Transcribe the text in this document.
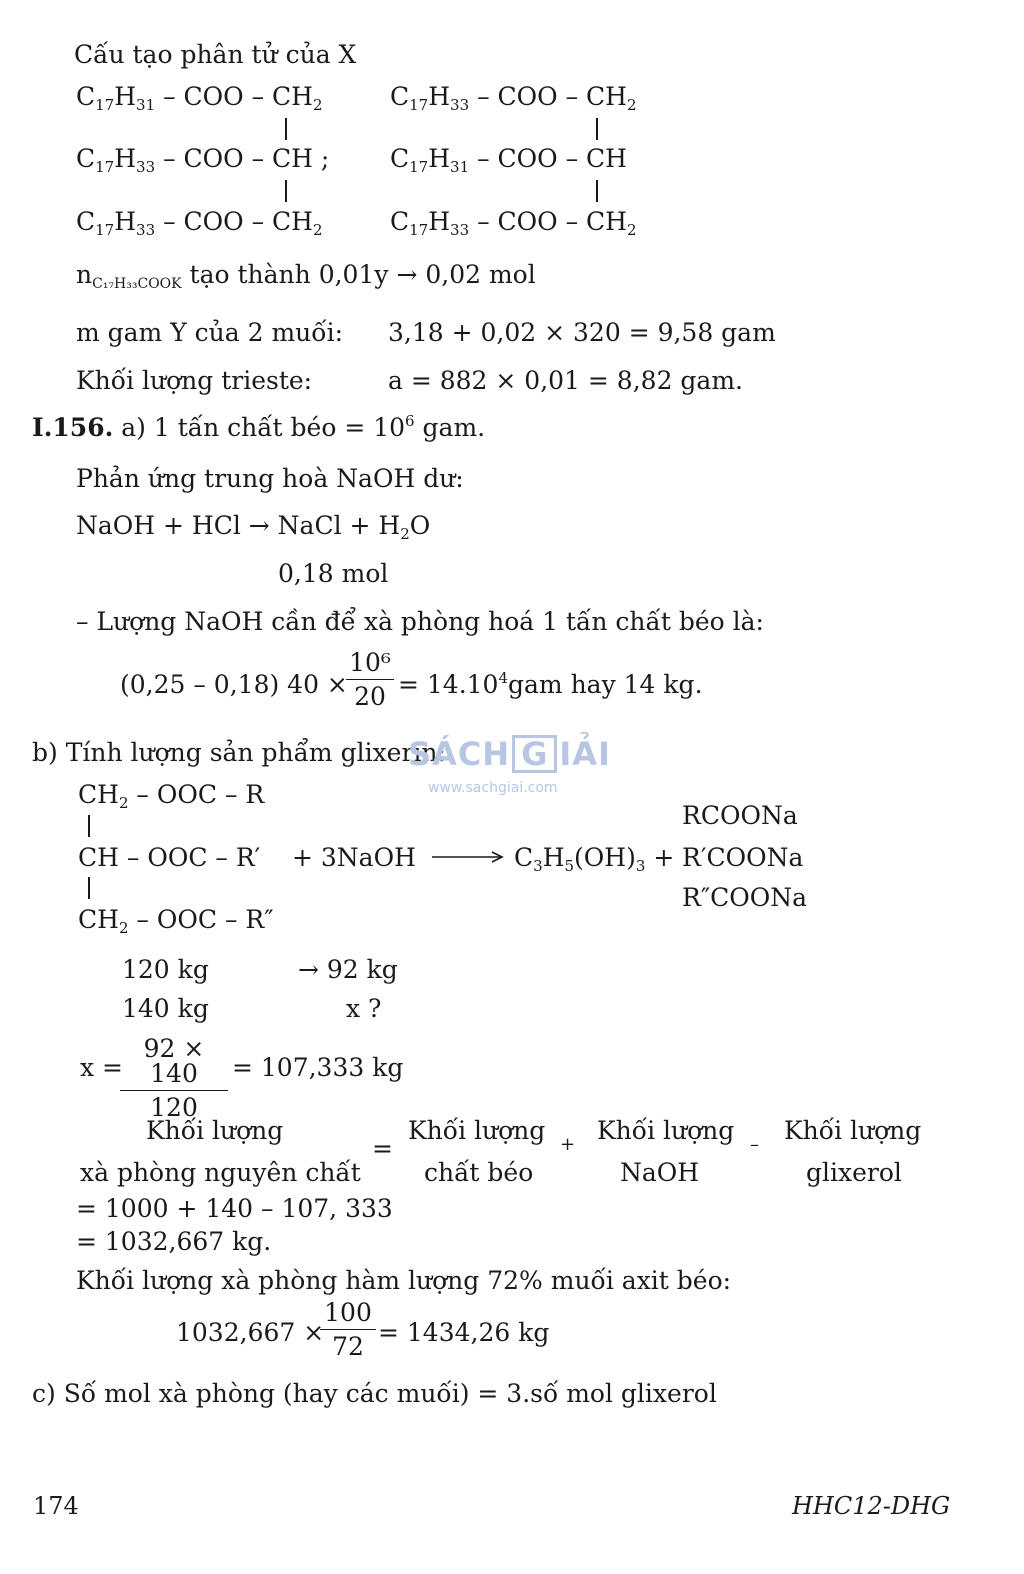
Cấu tạo phân tử của X
$C_{17}H_{31}$ – COO – $CH_2$
$C_{17}H_{33}$ – COO – CH ;
$C_{17}H_{33}$ – COO – $CH_2$
$C_{17}H_{33}$ – COO – $CH_2$
$C_{17}H_{31}$ – COO – CH
$C_{17}H_{33}$ – COO – $CH_2$
$n_{C_{17}H_{33}COOK}$ tạo thành 0,01y → 0,02 mol
m gam Y của 2 muối: 3,18 + 0,02 × 320 = 9,58 gam
Khối lượng trieste:	a = 882 × 0,01 = 8,82 gam.
I.156. a) 1 tấn chất béo = $10^6$ gam.
Phản ứng trung hoà NaOH dư:
NaOH + HCl → NaCl + $H_2O$
0,18 mol
– Lượng NaOH cần để xà phòng hoá 1 tấn chất béo là:
(0,25 – 0,18) 40 ×
10⁶
$20 = 14.10^4gam$ hay 14 kg.
b) Tính lượng sản phẩm glixerin:
SÁCH G IẢI
www.sachgiai.com
$CH_2$ – OOC – R
CH – OOC – R′
$CH_2$ – OOC – R″
+ 3NaOH → $C_3H_5(OH)_3$ +
RCOONa
R′COONa
R″COONa
120 kg	→ 92 kg
140 kg	x ?
x =
92 × 140
120
= 107,333 kg
Khối lượng
xà phòng nguyên chất
=
Khối lượng
chất béo
+ Khối lượng
NaOH
– Khối lượng
glixerol
= 1000 + 140 – 107, 333
= 1032,667 kg.
Khối lượng xà phòng hàm lượng 72% muối axit béo:
1032,667 ×
100
72 = 1434,26 kg
c) Số mol xà phòng (hay các muối) = 3.số mol glixerol
174	HHC12-DHG
